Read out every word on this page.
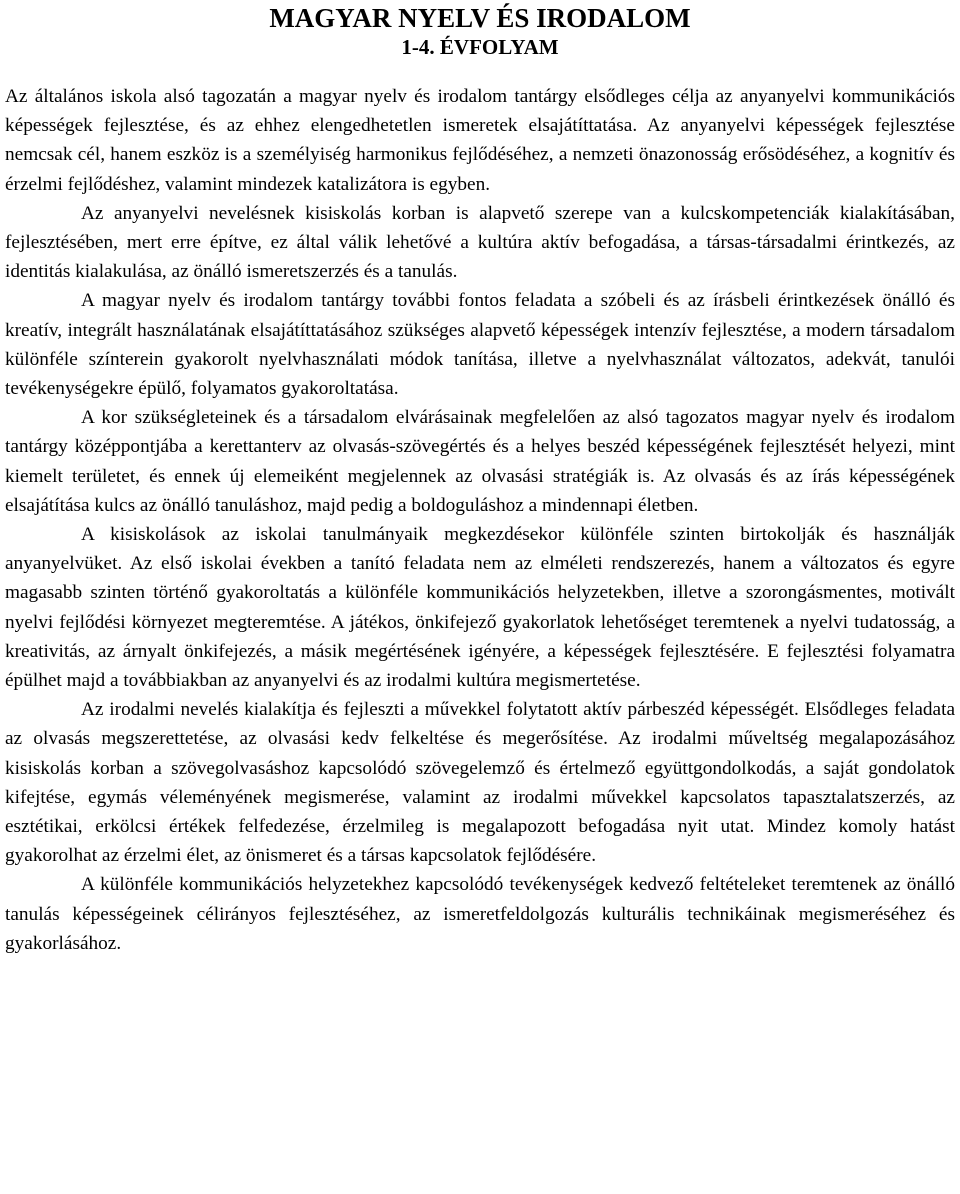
MAGYAR NYELV ÉS IRODALOM
1-4. ÉVFOLYAM

Az általános iskola alsó tagozatán a magyar nyelv és irodalom tantárgy elsődleges célja az anyanyelvi kommunikációs képességek fejlesztése, és az ehhez elengedhetetlen ismeretek elsajátíttatása. Az anyanyelvi képességek fejlesztése nemcsak cél, hanem eszköz is a személyiség harmonikus fejlődéséhez, a nemzeti önazonosság erősödéséhez, a kognitív és érzelmi fejlődéshez, valamint mindezek katalizátora is egyben.

Az anyanyelvi nevelésnek kisiskolás korban is alapvető szerepe van a kulcskompetenciák kialakításában, fejlesztésében, mert erre építve, ez által válik lehetővé a kultúra aktív befogadása, a társas-társadalmi érintkezés, az identitás kialakulása, az önálló ismeretszerzés és a tanulás.

A magyar nyelv és irodalom tantárgy további fontos feladata a szóbeli és az írásbeli érintkezések önálló és kreatív, integrált használatának elsajátíttatásához szükséges alapvető képességek intenzív fejlesztése, a modern társadalom különféle színterein gyakorolt nyelvhasználati módok tanítása, illetve a nyelvhasználat változatos, adekvát, tanulói tevékenységekre épülő, folyamatos gyakoroltatása.

A kor szükségleteinek és a társadalom elvárásainak megfelelően az alsó tagozatos magyar nyelv és irodalom tantárgy középpontjába a kerettanterv az olvasás-szövegértés és a helyes beszéd képességének fejlesztését helyezi, mint kiemelt területet, és ennek új elemeiként megjelennek az olvasási stratégiák is. Az olvasás és az írás képességének elsajátítása kulcs az önálló tanuláshoz, majd pedig a boldoguláshoz a mindennapi életben.

A kisiskolások az iskolai tanulmányaik megkezdésekor különféle szinten birtokolják és használják anyanyelvüket. Az első iskolai években a tanító feladata nem az elméleti rendszerezés, hanem a változatos és egyre magasabb szinten történő gyakoroltatás a különféle kommunikációs helyzetekben, illetve a szorongásmentes, motivált nyelvi fejlődési környezet megteremtése. A játékos, önkifejező gyakorlatok lehetőséget teremtenek a nyelvi tudatosság, a kreativitás, az árnyalt önkifejezés, a másik megértésének igényére, a képességek fejlesztésére. E fejlesztési folyamatra épülhet majd a továbbiakban az anyanyelvi és az irodalmi kultúra megismertetése.

Az irodalmi nevelés kialakítja és fejleszti a művekkel folytatott aktív párbeszéd képességét. Elsődleges feladata az olvasás megszerettetése, az olvasási kedv felkeltése és megerősítése. Az irodalmi műveltség megalapozásához kisiskolás korban a szövegolvasáshoz kapcsolódó szövegelemző és értelmező együttgondolkodás, a saját gondolatok kifejtése, egymás véleményének megismerése, valamint az irodalmi művekkel kapcsolatos tapasztalatszerzés, az esztétikai, erkölcsi értékek felfedezése, érzelmileg is megalapozott befogadása nyit utat. Mindez komoly hatást gyakorolhat az érzelmi élet, az önismeret és a társas kapcsolatok fejlődésére.

A különféle kommunikációs helyzetekhez kapcsolódó tevékenységek kedvező feltételeket teremtenek az önálló tanulás képességeinek célirányos fejlesztéséhez, az ismeretfeldolgozás kulturális technikáinak megismeréséhez és gyakorlásához.
